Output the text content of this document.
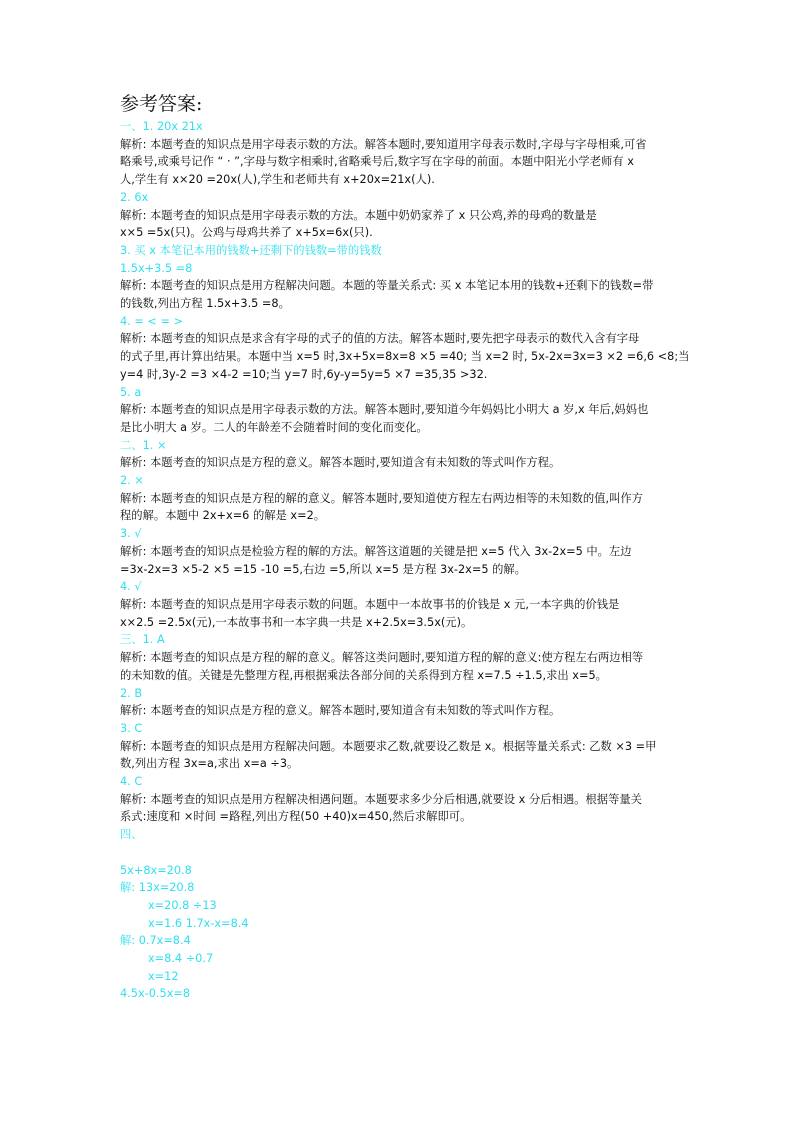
参考答案:
一、1. 20x 21x
解析: 本题考查的知识点是用字母表示数的方法。解答本题时,要知道用字母表示数时,字母与字母相乘,可省
略乘号,或乘号记作 “ · ”,字母与数字相乘时,省略乘号后,数字写在字母的前面。本题中阳光小学老师有 x
人,学生有 x×20 =20x(人),学生和老师共有 x+20x=21x(人).
2. 6x
解析: 本题考查的知识点是用字母表示数的方法。本题中奶奶家养了 x 只公鸡,养的母鸡的数量是
x×5 =5x(只)。公鸡与母鸡共养了 x+5x=6x(只).
3. 买 x 本笔记本用的钱数+还剩下的钱数=带的钱数
1.5x+3.5 =8
解析: 本题考查的知识点是用方程解决问题。本题的等量关系式: 买 x 本笔记本用的钱数+还剩下的钱数=带
的钱数,列出方程 1.5x+3.5 =8。
4. = < = >
解析: 本题考查的知识点是求含有字母的式子的值的方法。解答本题时,要先把字母表示的数代入含有字母
的式子里,再计算出结果。本题中当 x=5 时,3x+5x=8x=8 ×5 =40; 当 x=2 时, 5x-2x=3x=3 ×2 =6,6 <8;当
y=4 时,3y-2 =3 ×4-2 =10;当 y=7 时,6y-y=5y=5 ×7 =35,35 >32.
5. a
解析: 本题考查的知识点是用字母表示数的方法。解答本题时,要知道今年妈妈比小明大 a 岁,x 年后,妈妈也
是比小明大 a 岁。二人的年龄差不会随着时间的变化而变化。
二、1. ×
解析: 本题考查的知识点是方程的意义。解答本题时,要知道含有未知数的等式叫作方程。
2. ×
解析: 本题考查的知识点是方程的解的意义。解答本题时,要知道使方程左右两边相等的未知数的值,叫作方
程的解。本题中 2x+x=6 的解是 x=2。
3. √
解析: 本题考查的知识点是检验方程的解的方法。解答这道题的关键是把 x=5 代入 3x-2x=5 中。左边
=3x-2x=3 ×5-2 ×5 =15 -10 =5,右边 =5,所以 x=5 是方程 3x-2x=5 的解。
4. √
解析: 本题考查的知识点是用字母表示数的问题。本题中一本故事书的价钱是 x 元,一本字典的价钱是
x×2.5 =2.5x(元),一本故事书和一本字典一共是 x+2.5x=3.5x(元)。
三、1. A
解析: 本题考查的知识点是方程的解的意义。解答这类问题时,要知道方程的解的意义:使方程左右两边相等
的未知数的值。关键是先整理方程,再根据乘法各部分间的关系得到方程 x=7.5 ÷1.5,求出 x=5。
2. B
解析: 本题考查的知识点是方程的意义。解答本题时,要知道含有未知数的等式叫作方程。
3. C
解析: 本题考查的知识点是用方程解决问题。本题要求乙数,就要设乙数是 x。根据等量关系式: 乙数 ×3 =甲
数,列出方程 3x=a,求出 x=a ÷3。
4. C
解析: 本题考查的知识点是用方程解决相遇问题。本题要求多少分后相遇,就要设 x 分后相遇。根据等量关
系式:速度和 ×时间 =路程,列出方程(50 +40)x=450,然后求解即可。
四、
5x+8x=20.8
解: 13x=20.8
x=20.8 ÷13
x=1.6 1.7x-x=8.4
解: 0.7x=8.4
x=8.4 ÷0.7
x=12
4.5x-0.5x=8
